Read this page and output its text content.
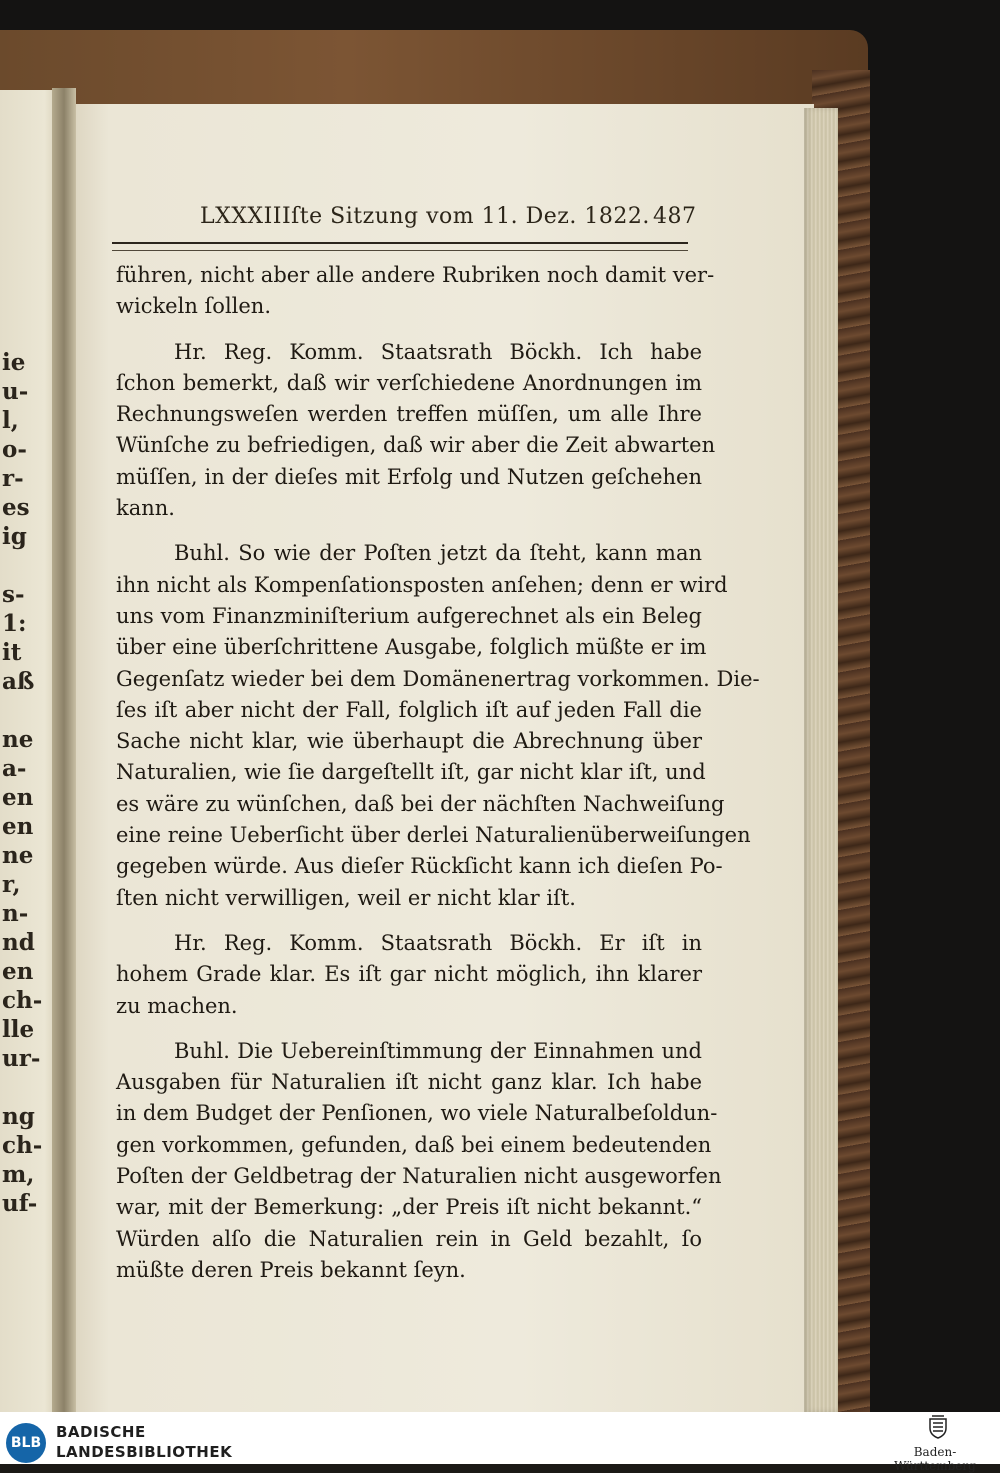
ie
u-
l,
o-
r-
es
ig

s-
1:
it
aß

ne
a-
en
en
ne
r,
n-
nd
en
ch-
lle
ur-

ng
ch-
m,
uf-
LXXXIIIſte Sitzung vom 11. Dez. 1822. 487

führen, nicht aber alle andere Rubriken noch damit ver-
wickeln ſollen.

Hr. Reg. Komm. Staatsrath Böckh. Ich habe
ſchon bemerkt, daß wir verſchiedene Anordnungen im
Rechnungsweſen werden treffen müſſen, um alle Ihre
Wünſche zu befriedigen, daß wir aber die Zeit abwarten
müſſen, in der dieſes mit Erfolg und Nutzen geſchehen
kann.

Buhl. So wie der Poſten jetzt da ſteht, kann man
ihn nicht als Kompenſationsposten anſehen; denn er wird
uns vom Finanzminiſterium aufgerechnet als ein Beleg
über eine überſchrittene Ausgabe, folglich müßte er im
Gegenſatz wieder bei dem Domänenertrag vorkommen. Die-
ſes iſt aber nicht der Fall, folglich iſt auf jeden Fall die
Sache nicht klar, wie überhaupt die Abrechnung über
Naturalien, wie ſie dargeſtellt iſt, gar nicht klar iſt, und
es wäre zu wünſchen, daß bei der nächſten Nachweiſung
eine reine Ueberſicht über derlei Naturalienüberweiſungen
gegeben würde. Aus dieſer Rückſicht kann ich dieſen Po-
ſten nicht verwilligen, weil er nicht klar iſt.

Hr. Reg. Komm. Staatsrath Böckh. Er iſt in
hohem Grade klar. Es iſt gar nicht möglich, ihn klarer
zu machen.

Buhl. Die Uebereinſtimmung der Einnahmen und
Ausgaben für Naturalien iſt nicht ganz klar. Ich habe
in dem Budget der Penſionen, wo viele Naturalbeſoldun-
gen vorkommen, gefunden, daß bei einem bedeutenden
Poſten der Geldbetrag der Naturalien nicht ausgeworfen
war, mit der Bemerkung: „der Preis iſt nicht bekannt.“
Würden alſo die Naturalien rein in Geld bezahlt, ſo
müßte deren Preis bekannt ſeyn.

BLB
BADISCHE
LANDESBIBLIOTHEK	Baden-Württemberg
